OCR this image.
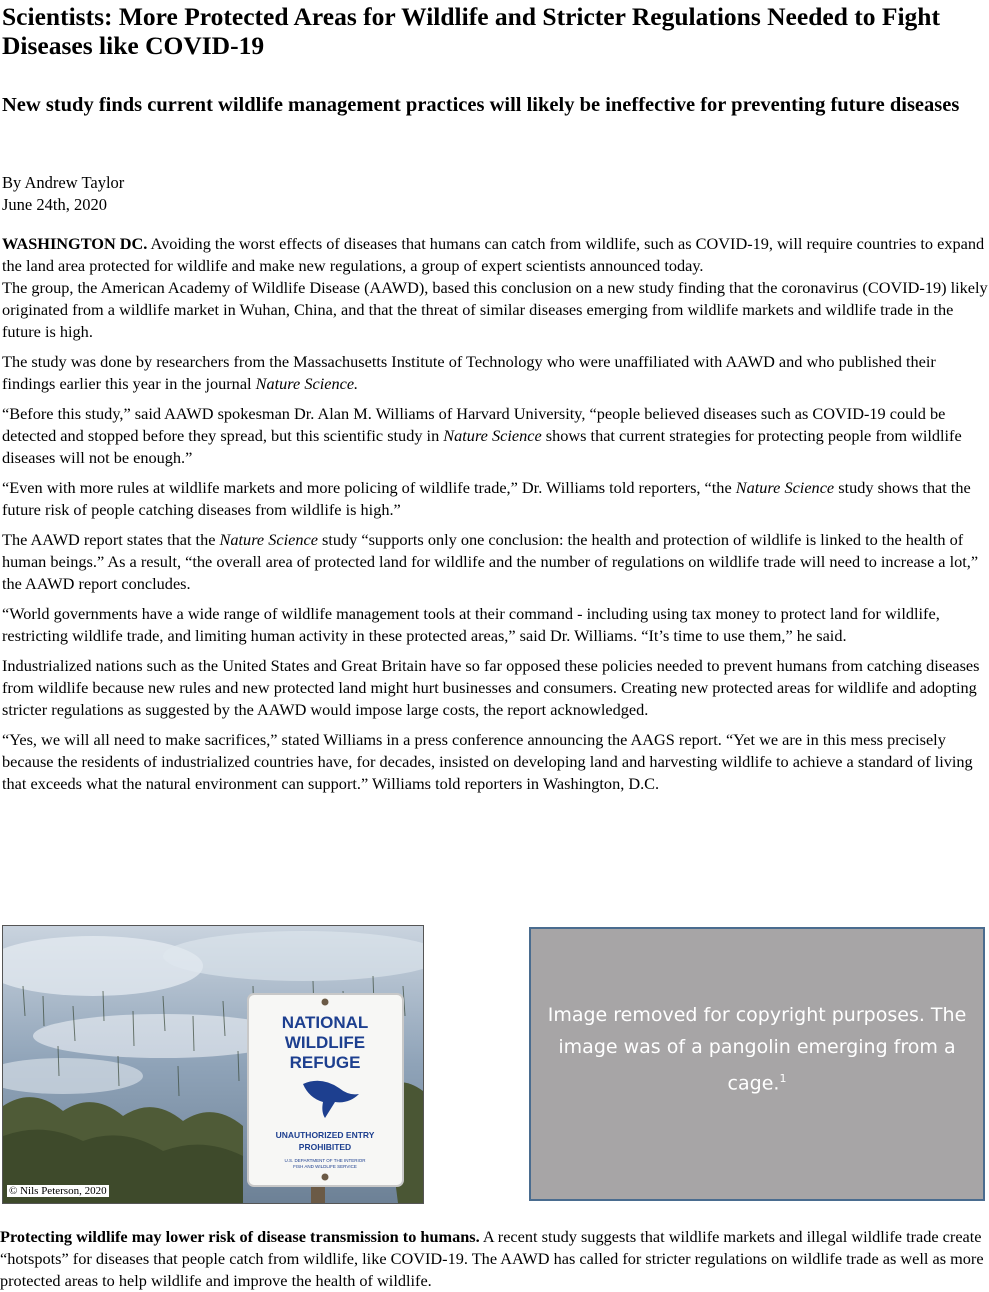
Scientists: More Protected Areas for Wildlife and Stricter Regulations Needed to Fight Diseases like COVID-19
New study finds current wildlife management practices will likely be ineffective for preventing future diseases
By Andrew Taylor
June 24th, 2020

WASHINGTON DC. Avoiding the worst effects of diseases that humans can catch from wildlife, such as COVID-19, will require countries to expand the land area protected for wildlife and make new regulations, a group of expert scientists announced today.

The group, the American Academy of Wildlife Disease (AAWD), based this conclusion on a new study finding that the coronavirus (COVID-19) likely originated from a wildlife market in Wuhan, China, and that the threat of similar diseases emerging from wildlife markets and wildlife trade in the future is high.

The study was done by researchers from the Massachusetts Institute of Technology who were unaffiliated with AAWD and who published their findings earlier this year in the journal Nature Science.

“Before this study,” said AAWD spokesman Dr. Alan M. Williams of Harvard University, “people believed diseases such as COVID-19 could be detected and stopped before they spread, but this scientific study in Nature Science shows that current strategies for protecting people from wildlife diseases will not be enough.”

“Even with more rules at wildlife markets and more policing of wildlife trade,” Dr. Williams told reporters, “the Nature Science study shows that the future risk of people catching diseases from wildlife is high.”

The AAWD report states that the Nature Science study “supports only one conclusion: the health and protection of wildlife is linked to the health of human beings.” As a result, “the overall area of protected land for wildlife and the number of regulations on wildlife trade will need to increase a lot,” the AAWD report concludes.

“World governments have a wide range of wildlife management tools at their command - including using tax money to protect land for wildlife, restricting wildlife trade, and limiting human activity in these protected areas,” said Dr. Williams. “It’s time to use them,” he said.

Industrialized nations such as the United States and Great Britain have so far opposed these policies needed to prevent humans from catching diseases from wildlife because new rules and new protected land might hurt businesses and consumers. Creating new protected areas for wildlife and adopting stricter regulations as suggested by the AAWD would impose large costs, the report acknowledged.

“Yes, we will all need to make sacrifices,” stated Williams in a press conference announcing the AAGS report. “Yet we are in this mess precisely because the residents of industrialized countries have, for decades, insisted on developing land and harvesting wildlife to achieve a standard of living that exceeds what the natural environment can support.” Williams told reporters in Washington, D.C.

NATIONAL
WILDLIFE
REFUGE
UNAUTHORIZED ENTRY
PROHIBITED
U.S. DEPARTMENT OF THE INTERIOR
FISH AND WILDLIFE SERVICE
© Nils Peterson, 2020
Image removed for copyright purposes. The image was of a pangolin emerging from a cage.$^1$
Protecting wildlife may lower risk of disease transmission to humans. A recent study suggests that wildlife markets and illegal wildlife trade create “hotspots” for diseases that people catch from wildlife, like COVID-19. The AAWD has called for stricter regulations on wildlife trade as well as more protected areas to help wildlife and improve the health of wildlife.
